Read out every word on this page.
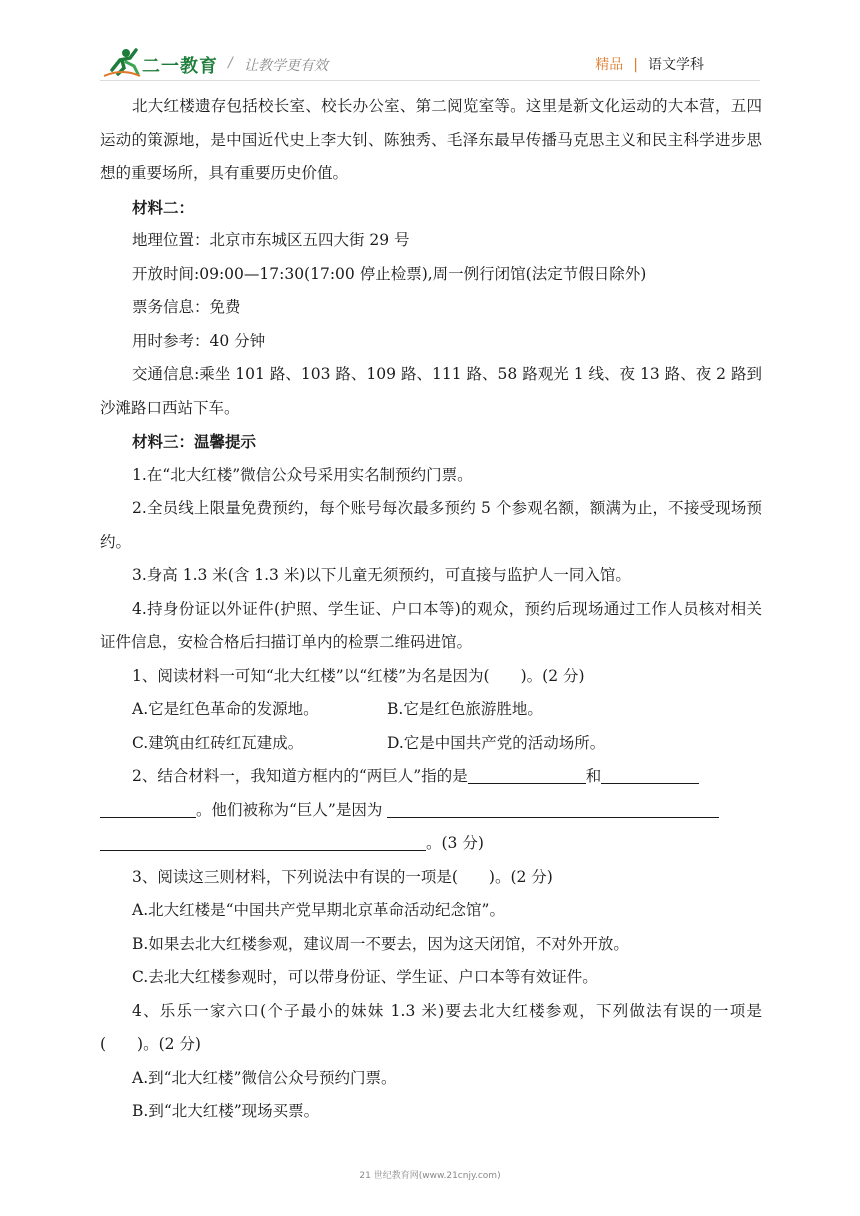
二一教育 / 让教学更有效	精品 | 语文学科

北大红楼遗存包括校长室、校长办公室、第二阅览室等。这里是新文化运动的大本营，五四运动的策源地，是中国近代史上李大钊、陈独秀、毛泽东最早传播马克思主义和民主科学进步思想的重要场所，具有重要历史价值。

材料二：

地理位置：北京市东城区五四大街 29 号

开放时间:09:00—17:30(17:00 停止检票),周一例行闭馆(法定节假日除外)

票务信息：免费

用时参考：40 分钟

交通信息:乘坐 101 路、103 路、109 路、111 路、58 路观光 1 线、夜 13 路、夜 2 路到沙滩路口西站下车。

材料三：温馨提示

1.在“北大红楼”微信公众号采用实名制预约门票。

2.全员线上限量免费预约，每个账号每次最多预约 5 个参观名额，额满为止，不接受现场预约。

3.身高 1.3 米(含 1.3 米)以下儿童无须预约，可直接与监护人一同入馆。

4.持身份证以外证件(护照、学生证、户口本等)的观众，预约后现场通过工作人员核对相关证件信息，安检合格后扫描订单内的检票二维码进馆。

1、阅读材料一可知“北大红楼”以“红楼”为名是因为(　　)。(2 分)

A.它是红色革命的发源地。	B.它是红色旅游胜地。
C.建筑由红砖红瓦建成。	D.它是中国共产党的活动场所。

2、结合材料一，我知道方框内的“两巨人”指的是	和

。他们被称为“巨人”是因为

。(3 分)

3、阅读这三则材料，下列说法中有误的一项是(　　)。(2 分)

A.北大红楼是“中国共产党早期北京革命活动纪念馆”。

B.如果去北大红楼参观，建议周一不要去，因为这天闭馆，不对外开放。

C.去北大红楼参观时，可以带身份证、学生证、户口本等有效证件。

4、乐乐一家六口(个子最小的妹妹 1.3 米)要去北大红楼参观，下列做法有误的一项是(　　)。(2 分)

A.到“北大红楼”微信公众号预约门票。

B.到“北大红楼”现场买票。

21 世纪教育网(www.21cnjy.com)
